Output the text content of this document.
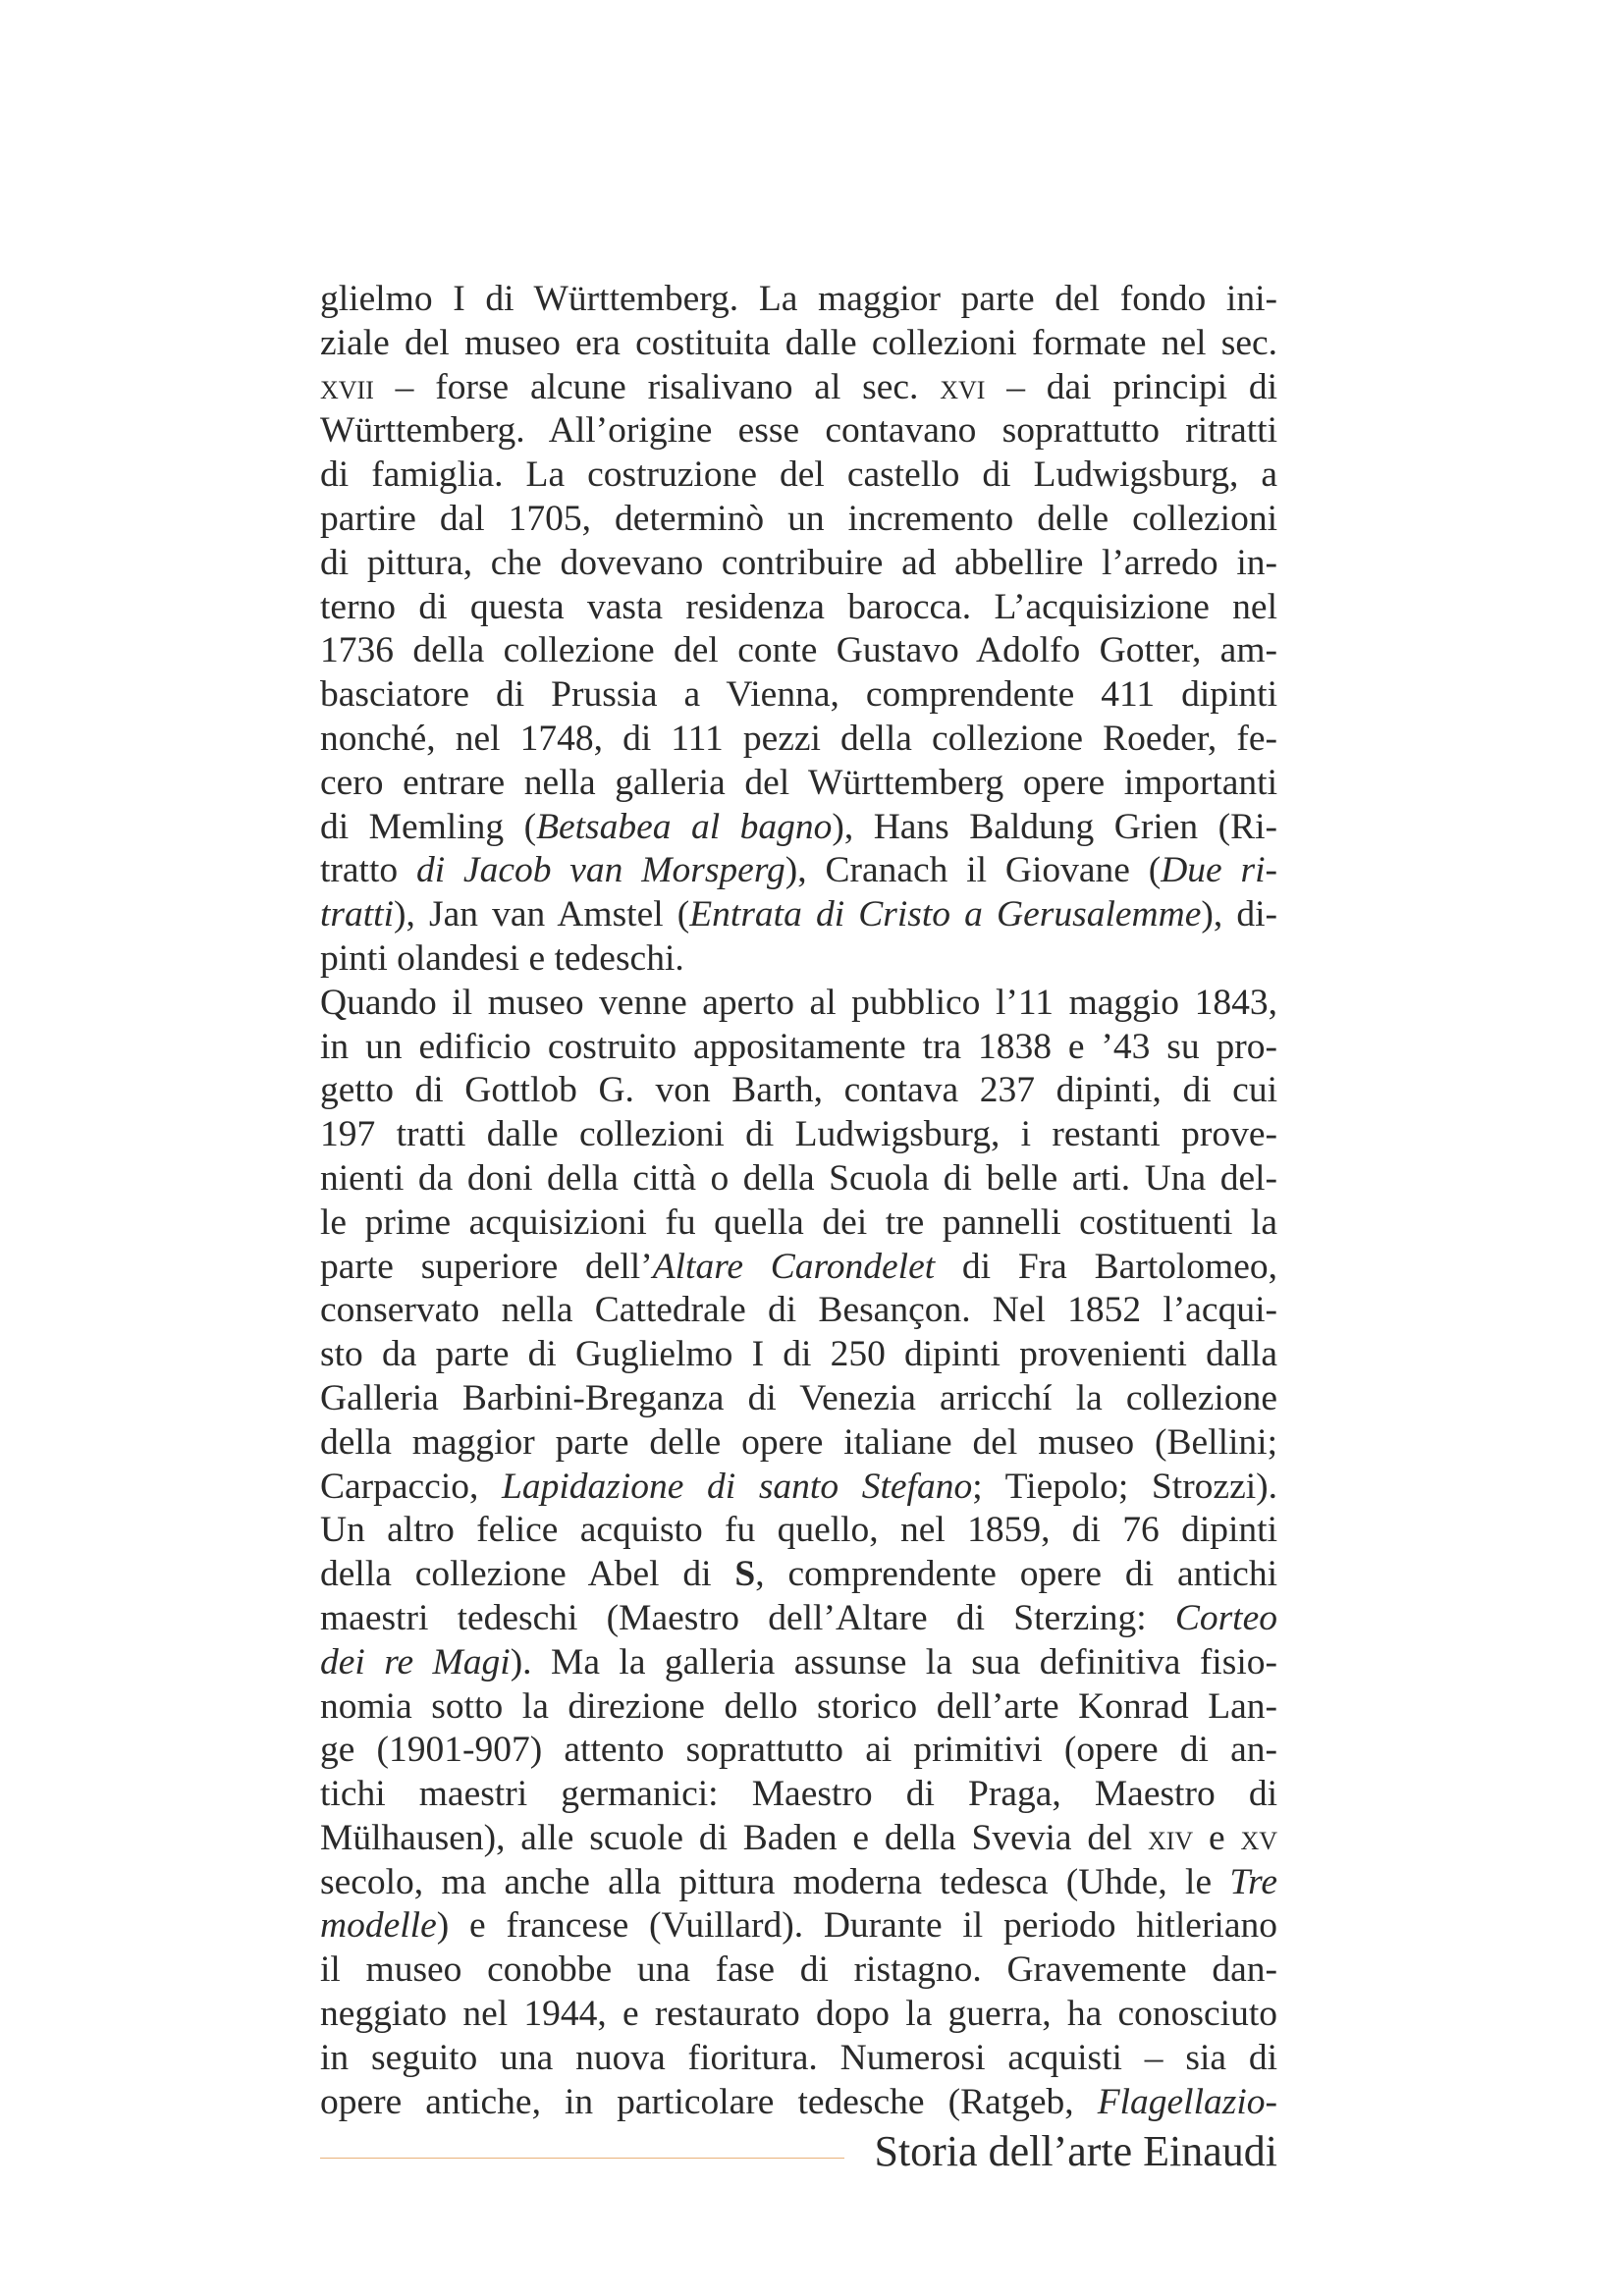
glielmo I di Württemberg. La maggior parte del fondo ini-
ziale del museo era costituita dalle collezioni formate nel sec.
xvii – forse alcune risalivano al sec. xvi – dai principi di
Württemberg. All’origine esse contavano soprattutto ritratti
di famiglia. La costruzione del castello di Ludwigsburg, a
partire dal 1705, determinò un incremento delle collezioni
di pittura, che dovevano contribuire ad abbellire l’arredo in-
terno di questa vasta residenza barocca. L’acquisizione nel
1736 della collezione del conte Gustavo Adolfo Gotter, am-
basciatore di Prussia a Vienna, comprendente 411 dipinti
nonché, nel 1748, di 111 pezzi della collezione Roeder, fe-
cero entrare nella galleria del Württemberg opere importanti
di Memling (Betsabea al bagno), Hans Baldung Grien (Ri-
tratto di Jacob van Morsperg), Cranach il Giovane (Due ri-
tratti), Jan van Amstel (Entrata di Cristo a Gerusalemme), di-
pinti olandesi e tedeschi.
Quando il museo venne aperto al pubblico l’11 maggio 1843,
in un edificio costruito appositamente tra 1838 e ’43 su pro-
getto di Gottlob G. von Barth, contava 237 dipinti, di cui
197 tratti dalle collezioni di Ludwigsburg, i restanti prove-
nienti da doni della città o della Scuola di belle arti. Una del-
le prime acquisizioni fu quella dei tre pannelli costituenti la
parte superiore dell’Altare Carondelet di Fra Bartolomeo,
conservato nella Cattedrale di Besançon. Nel 1852 l’acqui-
sto da parte di Guglielmo I di 250 dipinti provenienti dalla
Galleria Barbini-Breganza di Venezia arricchí la collezione
della maggior parte delle opere italiane del museo (Bellini;
Carpaccio, Lapidazione di santo Stefano; Tiepolo; Strozzi).
Un altro felice acquisto fu quello, nel 1859, di 76 dipinti
della collezione Abel di S, comprendente opere di antichi
maestri tedeschi (Maestro dell’Altare di Sterzing: Corteo
dei re Magi). Ma la galleria assunse la sua definitiva fisio-
nomia sotto la direzione dello storico dell’arte Konrad Lan-
ge (1901-907) attento soprattutto ai primitivi (opere di an-
tichi maestri germanici: Maestro di Praga, Maestro di
Mülhausen), alle scuole di Baden e della Svevia del xiv e xv
secolo, ma anche alla pittura moderna tedesca (Uhde, le Tre
modelle) e francese (Vuillard). Durante il periodo hitleriano
il museo conobbe una fase di ristagno. Gravemente dan-
neggiato nel 1944, e restaurato dopo la guerra, ha conosciuto
in seguito una nuova fioritura. Numerosi acquisti – sia di
opere antiche, in particolare tedesche (Ratgeb, Flagellazio-
Storia dell’arte Einaudi
